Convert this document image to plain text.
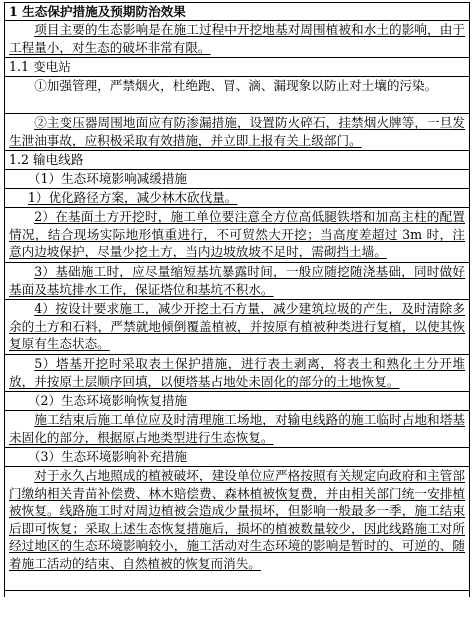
1 生态保护措施及预期防治效果
项目主要的生态影响是在施工过程中开挖地基对周围植被和水土的影响，由于工程量小，对生态的破坏非常有限。
1.1 变电站
①加强管理，严禁烟火，杜绝跑、冒、滴、漏现象以防止对土壤的污染。
②主变压器周围地面应有防渗漏措施，设置防火碎石，挂禁烟火牌等，一旦发生泄油事故，应积极采取有效措施，并立即上报有关上级部门。
1.2 输电线路
（1）生态环境影响减缓措施
1）优化路径方案，减少林木砍伐量。
2）在基面土方开挖时，施工单位要注意全方位高低腿铁塔和加高主柱的配置情况，结合现场实际地形慎重进行，不可贸然大开挖；当高度差超过 3m 时，注意内边坡保护，尽量少挖土方，当内边坡放坡不足时，需砌挡土墙。
3）基础施工时，应尽量缩短基坑暴露时间，一般应随挖随浇基础，同时做好基面及基坑排水工作，保证塔位和基坑不积水。
4）按设计要求施工，减少开挖土石方量，减少建筑垃圾的产生，及时清除多余的土方和石料，严禁就地倾倒覆盖植被，并按原有植被种类进行复植，以使其恢复原有生态状态。
5）塔基开挖时采取表土保护措施，进行表土剥离，将表土和熟化土分开堆放，并按原土层顺序回填，以便塔基占地处未固化的部分的土地恢复。
（2）生态环境影响恢复措施
施工结束后施工单位应及时清理施工场地，对输电线路的施工临时占地和塔基未固化的部分，根据原占地类型进行生态恢复。
（3）生态环境影响补充措施
对于永久占地照成的植被破坏，建设单位应严格按照有关规定向政府和主管部门缴纳相关青苗补偿费、林木赔偿费、森林植被恢复费，并由相关部门统一安排植被恢复。线路施工时对周边植被会造成少量损坏，但影响一般最多一季，施工结束后即可恢复；采取上述生态恢复措施后，损坏的植被数量较少，因此线路施工对所经过地区的生态环境影响较小，施工活动对生态环境的影响是暂时的、可逆的、随着施工活动的结束、自然植被的恢复而消失。
